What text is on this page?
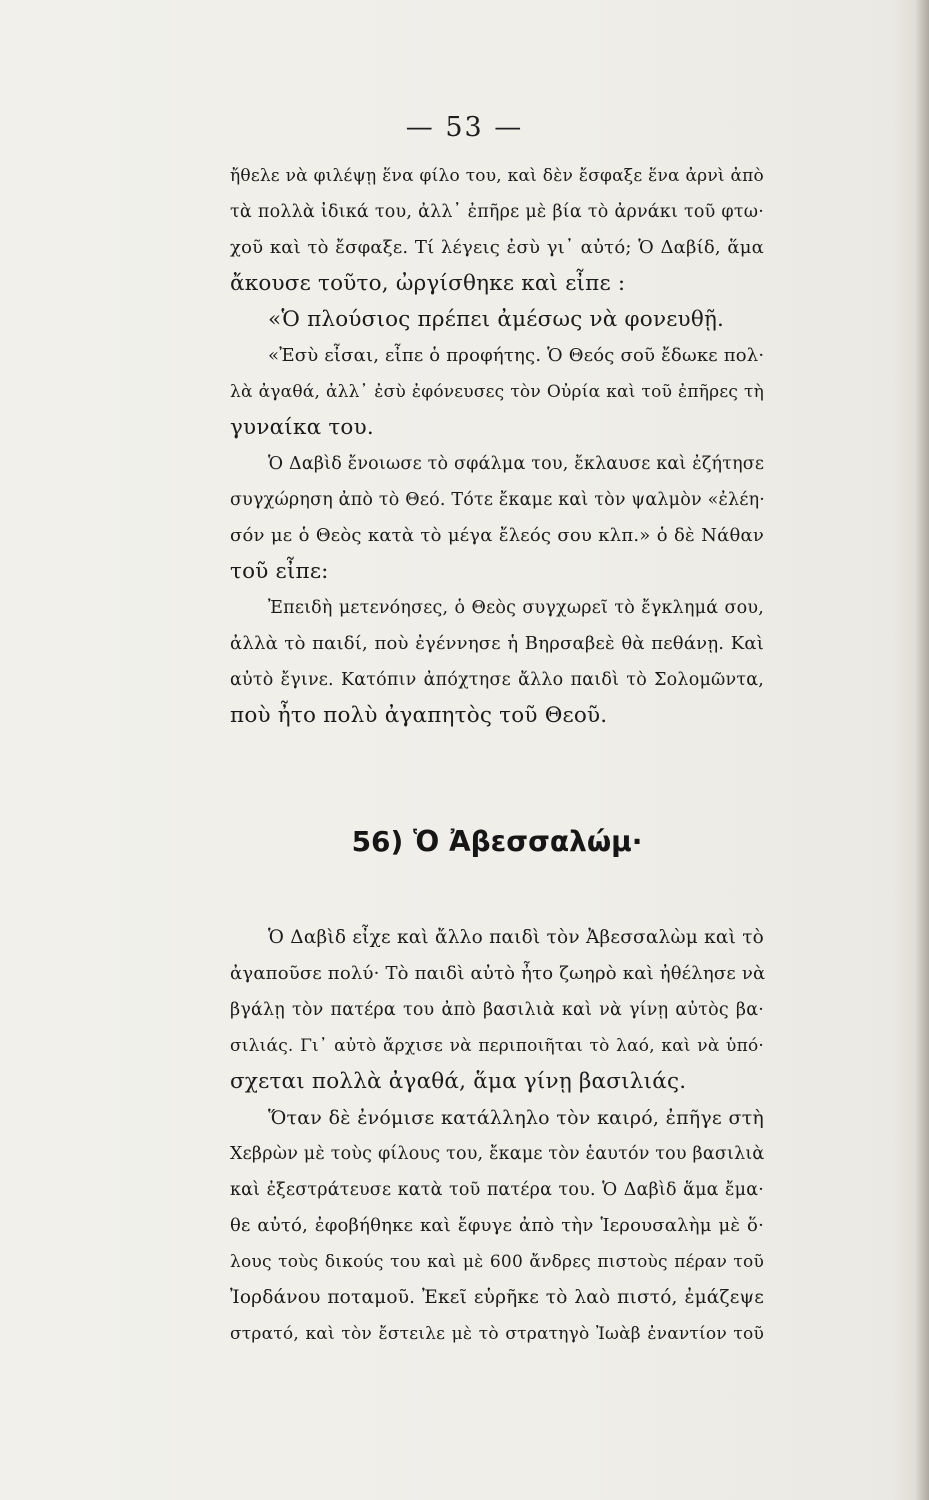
— 53 —
ἤθελε νὰ φιλέψῃ ἕνα φίλο του, καὶ δὲν ἔσφαξε ἕνα ἀρνὶ ἀπὸ
τὰ πολλὰ ἰδικά του, ἀλλ᾽ ἐπῆρε μὲ βία τὸ ἀρνάκι τοῦ φτω·
χοῦ καὶ τὸ ἔσφαξε. Τί λέγεις ἐσὺ γι᾽ αὐτό; Ὁ Δαβίδ, ἅμα
ἄκουσε τοῦτο, ὠργίσθηκε καὶ εἶπε :
«Ὁ πλούσιος πρέπει ἀμέσως νὰ φονευθῇ.
«Ἐσὺ εἶσαι, εἶπε ὁ προφήτης. Ὁ Θεός σοῦ ἔδωκε πολ·
λὰ ἀγαθά, ἀλλ᾽ ἐσὺ ἐφόνευσες τὸν Οὐρία καὶ τοῦ ἐπῆρες τὴ
γυναίκα του.
Ὁ Δαβὶδ ἔνοιωσε τὸ σφάλμα του, ἔκλαυσε καὶ ἐζήτησε
συγχώρηση ἀπὸ τὸ Θεό. Τότε ἔκαμε καὶ τὸν ψαλμὸν «ἐλέη·
σόν με ὁ Θεὸς κατὰ τὸ μέγα ἔλεός σου κλπ.» ὁ δὲ Νάθαν
τοῦ εἶπε:
Ἐπειδὴ μετενόησες, ὁ Θεὸς συγχωρεῖ τὸ ἔγκλημά σου,
ἀλλὰ τὸ παιδί, ποὺ ἐγέννησε ἡ Βηρσαβεὲ θὰ πεθάνῃ. Καὶ
αὐτὸ ἔγινε. Κατόπιν ἀπόχτησε ἄλλο παιδὶ τὸ Σολομῶντα,
ποὺ ἦτο πολὺ ἀγαπητὸς τοῦ Θεοῦ.
56) Ὁ Ἀβεσσαλώμ·
Ὁ Δαβὶδ εἶχε καὶ ἄλλο παιδὶ τὸν Ἀβεσσαλὼμ καὶ τὸ
ἀγαποῦσε πολύ· Τὸ παιδὶ αὐτὸ ἦτο ζωηρὸ καὶ ἠθέλησε νὰ
βγάλῃ τὸν πατέρα του ἀπὸ βασιλιὰ καὶ νὰ γίνῃ αὐτὸς βα·
σιλιάς. Γι᾽ αὐτὸ ἄρχισε νὰ περιποιῆται τὸ λαό, καὶ νὰ ὑπό·
σχεται πολλὰ ἀγαθά, ἅμα γίνῃ βασιλιάς.
Ὅταν δὲ ἐνόμισε κατάλληλο τὸν καιρό, ἐπῆγε στὴ
Χεβρὼν μὲ τοὺς φίλους του, ἔκαμε τὸν ἑαυτόν του βασιλιὰ
καὶ ἐξεστράτευσε κατὰ τοῦ πατέρα του. Ὁ Δαβὶδ ἅμα ἔμα·
θε αὐτό, ἐφοβήθηκε καὶ ἔφυγε ἀπὸ τὴν Ἱερουσαλὴμ μὲ ὅ·
λους τοὺς δικούς του καὶ μὲ 600 ἄνδρες πιστοὺς πέραν τοῦ
Ἰορδάνου ποταμοῦ. Ἐκεῖ εὑρῆκε τὸ λαὸ πιστό, ἐμάζεψε
στρατό, καὶ τὸν ἔστειλε μὲ τὸ στρατηγὸ Ἰωὰβ ἐναντίον τοῦ
